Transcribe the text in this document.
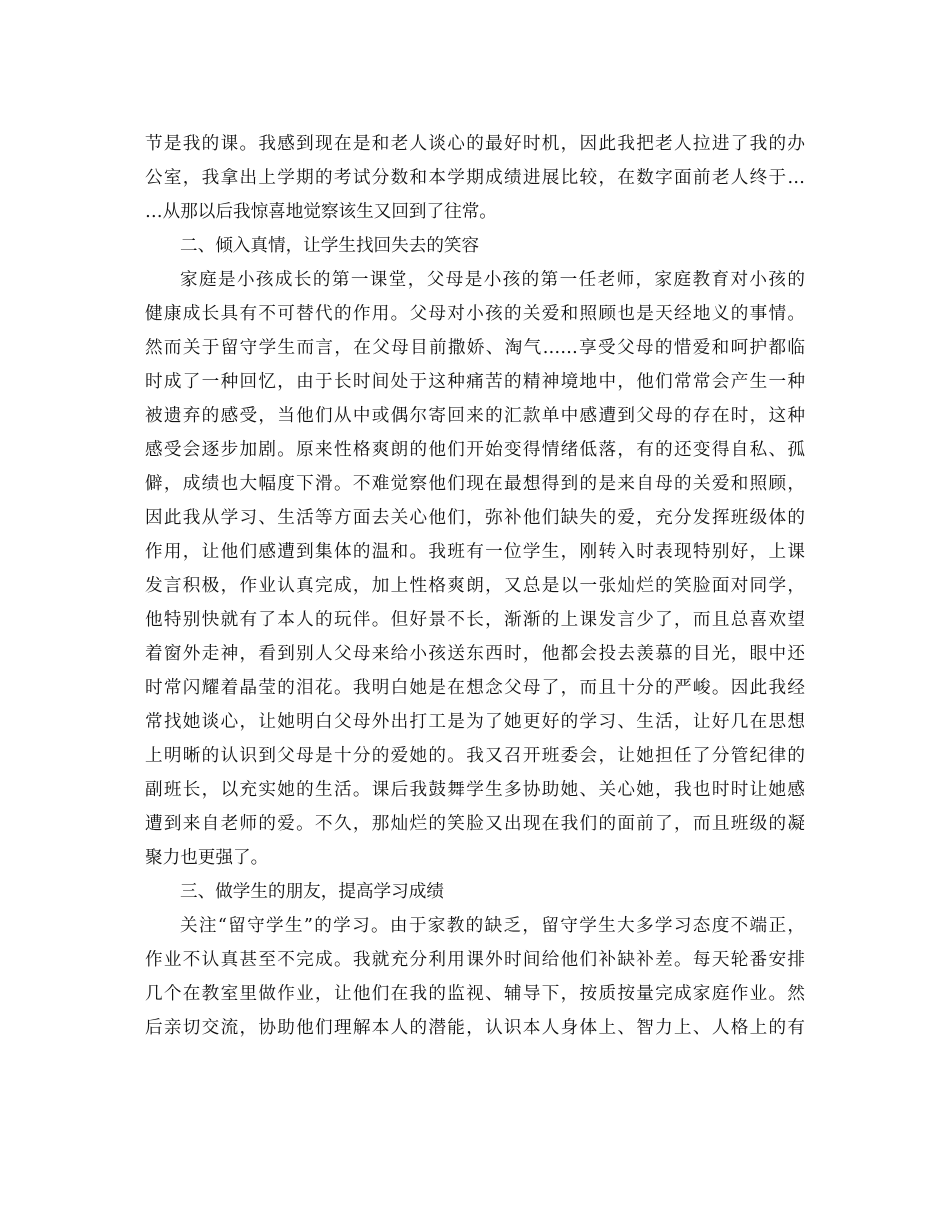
节是我的课。我感到现在是和老人谈心的最好时机，因此我把老人拉进了我的办
公室，我拿出上学期的考试分数和本学期成绩进展比较，在数字面前老人终于…
…从那以后我惊喜地觉察该生又回到了往常。
二、倾入真情，让学生找回失去的笑容
家庭是小孩成长的第一课堂，父母是小孩的第一任老师，家庭教育对小孩的
健康成长具有不可替代的作用。父母对小孩的关爱和照顾也是天经地义的事情。
然而关于留守学生而言，在父母目前撒娇、淘气……享受父母的惜爱和呵护都临
时成了一种回忆，由于长时间处于这种痛苦的精神境地中，他们常常会产生一种
被遗弃的感受，当他们从中或偶尔寄回来的汇款单中感遭到父母的存在时，这种
感受会逐步加剧。原来性格爽朗的他们开始变得情绪低落，有的还变得自私、孤
僻，成绩也大幅度下滑。不难觉察他们现在最想得到的是来自母的关爱和照顾，
因此我从学习、生活等方面去关心他们，弥补他们缺失的爱，充分发挥班级体的
作用，让他们感遭到集体的温和。我班有一位学生，刚转入时表现特别好，上课
发言积极，作业认真完成，加上性格爽朗，又总是以一张灿烂的笑脸面对同学，
他特别快就有了本人的玩伴。但好景不长，渐渐的上课发言少了，而且总喜欢望
着窗外走神，看到别人父母来给小孩送东西时，他都会投去羡慕的目光，眼中还
时常闪耀着晶莹的泪花。我明白她是在想念父母了，而且十分的严峻。因此我经
常找她谈心，让她明白父母外出打工是为了她更好的学习、生活，让好几在思想
上明晰的认识到父母是十分的爱她的。我又召开班委会，让她担任了分管纪律的
副班长，以充实她的生活。课后我鼓舞学生多协助她、关心她，我也时时让她感
遭到来自老师的爱。不久，那灿烂的笑脸又出现在我们的面前了，而且班级的凝
聚力也更强了。
三、做学生的朋友，提高学习成绩
关注“留守学生”的学习。由于家教的缺乏，留守学生大多学习态度不端正，
作业不认真甚至不完成。我就充分利用课外时间给他们补缺补差。每天轮番安排
几个在教室里做作业，让他们在我的监视、辅导下，按质按量完成家庭作业。然
后亲切交流，协助他们理解本人的潜能，认识本人身体上、智力上、人格上的有
